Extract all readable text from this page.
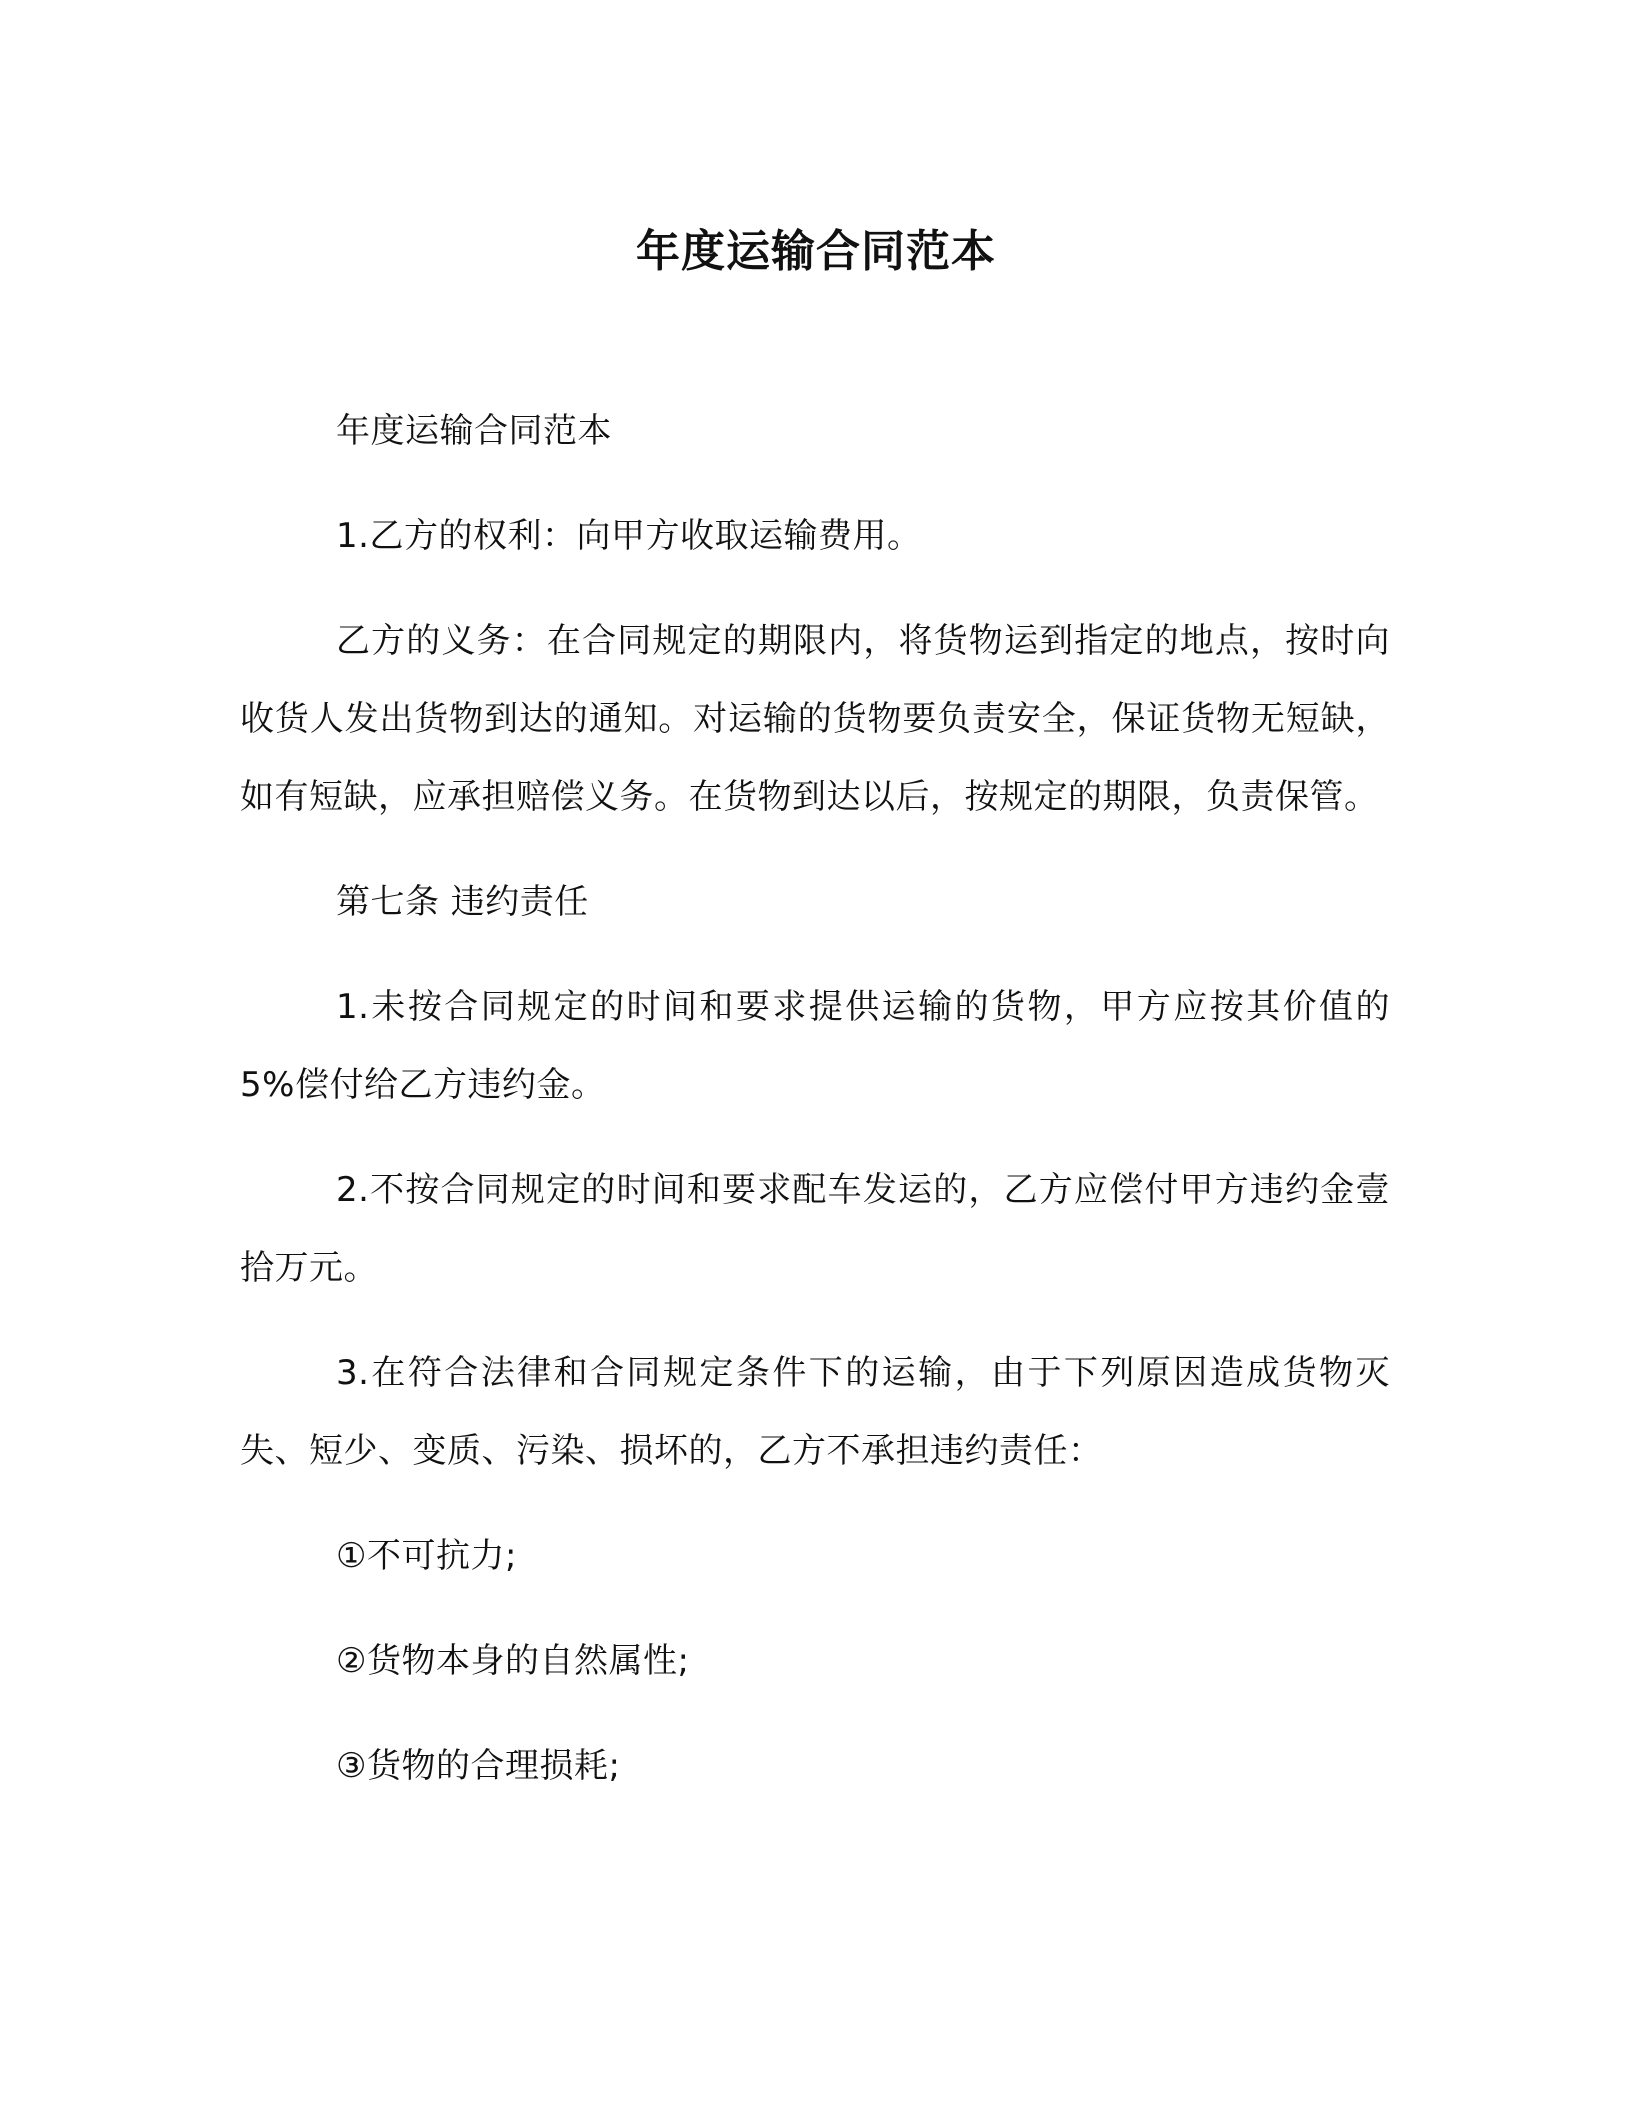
年度运输合同范本

年度运输合同范本

1.乙方的权利：向甲方收取运输费用。

乙方的义务：在合同规定的期限内，将货物运到指定的地点，按时向收货人发出货物到达的通知。对运输的货物要负责安全，保证货物无短缺，如有短缺，应承担赔偿义务。在货物到达以后，按规定的期限，负责保管。

第七条 违约责任

1.未按合同规定的时间和要求提供运输的货物，甲方应按其价值的 5%偿付给乙方违约金。

2.不按合同规定的时间和要求配车发运的，乙方应偿付甲方违约金壹拾万元。

3.在符合法律和合同规定条件下的运输，由于下列原因造成货物灭失、短少、变质、污染、损坏的，乙方不承担违约责任：

①不可抗力;

②货物本身的自然属性;

③货物的合理损耗;
